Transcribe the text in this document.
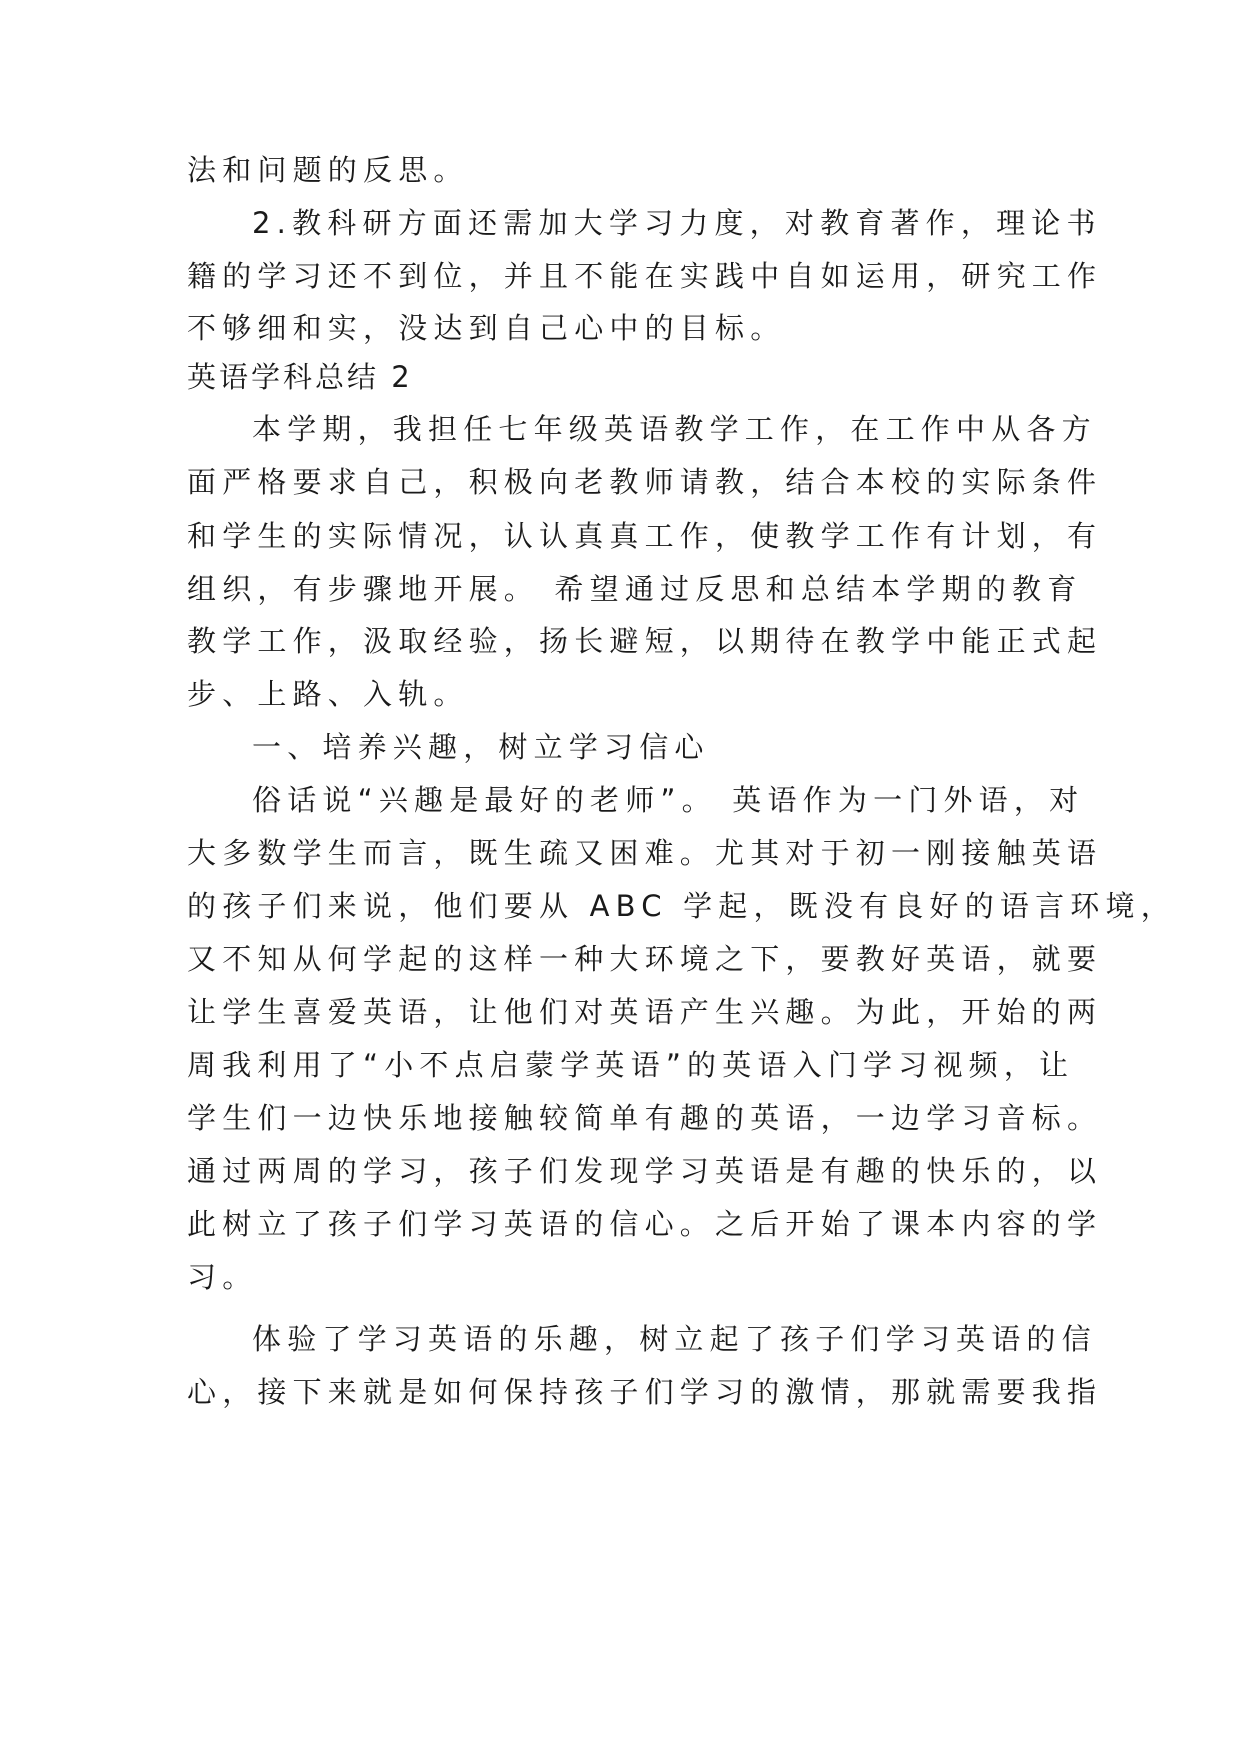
法和问题的反思。
2.教科研方面还需加大学习力度，对教育著作，理论书
籍的学习还不到位，并且不能在实践中自如运用，研究工作
不够细和实，没达到自己心中的目标。
英语学科总结 2
本学期，我担任七年级英语教学工作，在工作中从各方
面严格要求自己，积极向老教师请教，结合本校的实际条件
和学生的实际情况，认认真真工作，使教学工作有计划，有
组织，有步骤地开展。 希望通过反思和总结本学期的教育
教学工作，汲取经验，扬长避短，以期待在教学中能正式起
步、上路、入轨。
一、培养兴趣，树立学习信心
俗话说“兴趣是最好的老师”。 英语作为一门外语，对
大多数学生而言，既生疏又困难。尤其对于初一刚接触英语
的孩子们来说，他们要从 ABC 学起，既没有良好的语言环境，
又不知从何学起的这样一种大环境之下，要教好英语，就要
让学生喜爱英语，让他们对英语产生兴趣。为此，开始的两
周我利用了“小不点启蒙学英语”的英语入门学习视频，让
学生们一边快乐地接触较简单有趣的英语，一边学习音标。
通过两周的学习，孩子们发现学习英语是有趣的快乐的，以
此树立了孩子们学习英语的信心。之后开始了课本内容的学
习。
体验了学习英语的乐趣，树立起了孩子们学习英语的信
心，接下来就是如何保持孩子们学习的激情，那就需要我指
